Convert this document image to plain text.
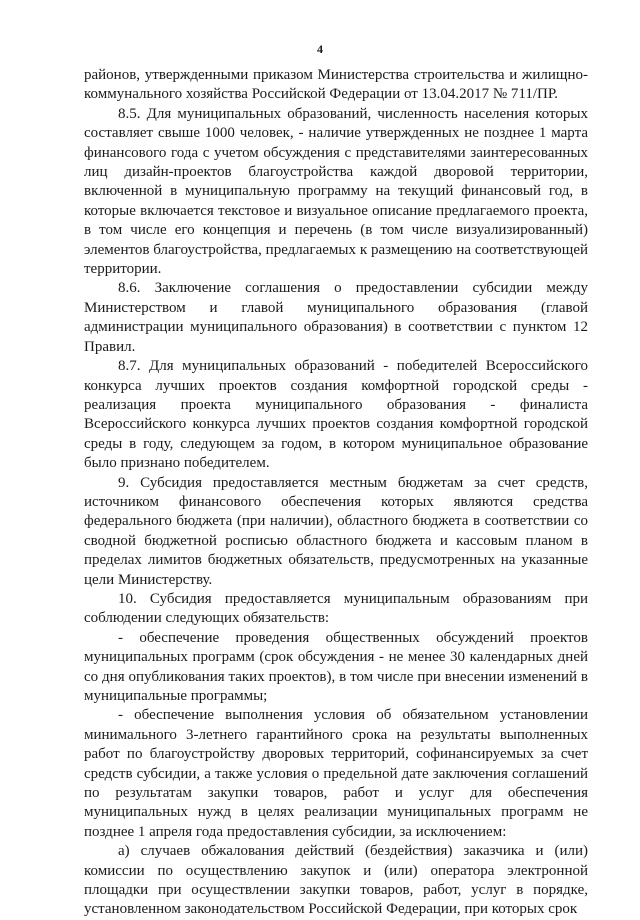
4

районов, утвержденными приказом Министерства строительства и жилищно-коммунального хозяйства Российской Федерации от 13.04.2017 № 711/ПР.

8.5. Для муниципальных образований, численность населения которых составляет свыше 1000 человек, - наличие утвержденных не позднее 1 марта финансового года с учетом обсуждения с представителями заинтересованных лиц дизайн-проектов благоустройства каждой дворовой территории, включенной в муниципальную программу на текущий финансовый год, в которые включается текстовое и визуальное описание предлагаемого проекта, в том числе его концепция и перечень (в том числе визуализированный) элементов благоустройства, предлагаемых к размещению на соответствующей территории.

8.6. Заключение соглашения о предоставлении субсидии между Министерством и главой муниципального образования (главой администрации муниципального образования) в соответствии с пунктом 12 Правил.

8.7. Для муниципальных образований - победителей Всероссийского конкурса лучших проектов создания комфортной городской среды - реализация проекта муниципального образования - финалиста Всероссийского конкурса лучших проектов создания комфортной городской среды в году, следующем за годом, в котором муниципальное образование было признано победителем.

9. Субсидия предоставляется местным бюджетам за счет средств, источником финансового обеспечения которых являются средства федерального бюджета (при наличии), областного бюджета в соответствии со сводной бюджетной росписью областного бюджета и кассовым планом в пределах лимитов бюджетных обязательств, предусмотренных на указанные цели Министерству.

10. Субсидия предоставляется муниципальным образованиям при соблюдении следующих обязательств:

- обеспечение проведения общественных обсуждений проектов муниципальных программ (срок обсуждения - не менее 30 календарных дней со дня опубликования таких проектов), в том числе при внесении изменений в муниципальные программы;

- обеспечение выполнения условия об обязательном установлении минимального 3-летнего гарантийного срока на результаты выполненных работ по благоустройству дворовых территорий, софинансируемых за счет средств субсидии, а также условия о предельной дате заключения соглашений по результатам закупки товаров, работ и услуг для обеспечения муниципальных нужд в целях реализации муниципальных программ не позднее 1 апреля года предоставления субсидии, за исключением:

а) случаев обжалования действий (бездействия) заказчика и (или) комиссии по осуществлению закупок и (или) оператора электронной площадки при осуществлении закупки товаров, работ, услуг в порядке, установленном законодательством Российской Федерации, при которых срок
